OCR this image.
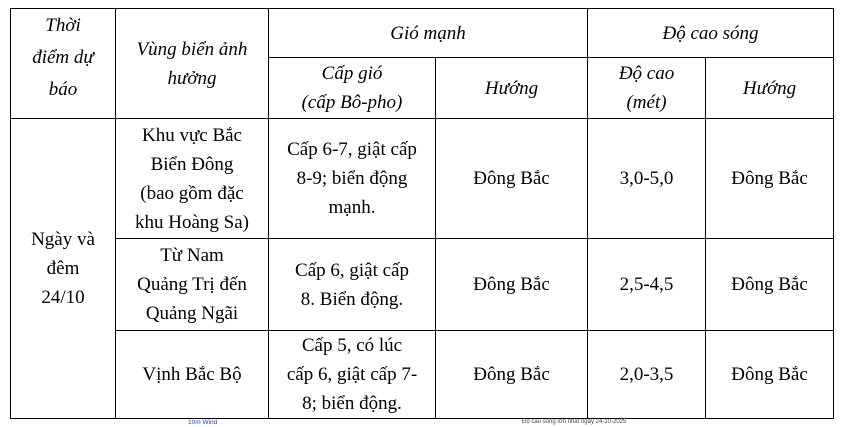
Thời
điểm dự
báo	Vùng biển ảnh
hưởng	Gió mạnh		Độ cao sóng	

		Cấp gió
(cấp Bô-pho)	Hướng	Độ cao
(mét)	Hướng

Ngày và
đêm
24/10	Khu vực Bắc
Biển Đông
(bao gồm đặc
khu Hoàng Sa)	Cấp 6-7, giật cấp
8-9; biển động
mạnh.	Đông Bắc	3,0-5,0	Đông Bắc

	Từ Nam
Quảng Trị đến
Quảng Ngãi	Cấp 6, giật cấp
8. Biển động.	Đông Bắc	2,5-4,5	Đông Bắc

	Vịnh Bắc Bộ	Cấp 5, có lúc
cấp 6, giật cấp 7-
8; biển động.	Đông Bắc	2,0-3,5	Đông Bắc
10m Wind	Độ cao sóng lớn nhất ngày 24-10-2025
